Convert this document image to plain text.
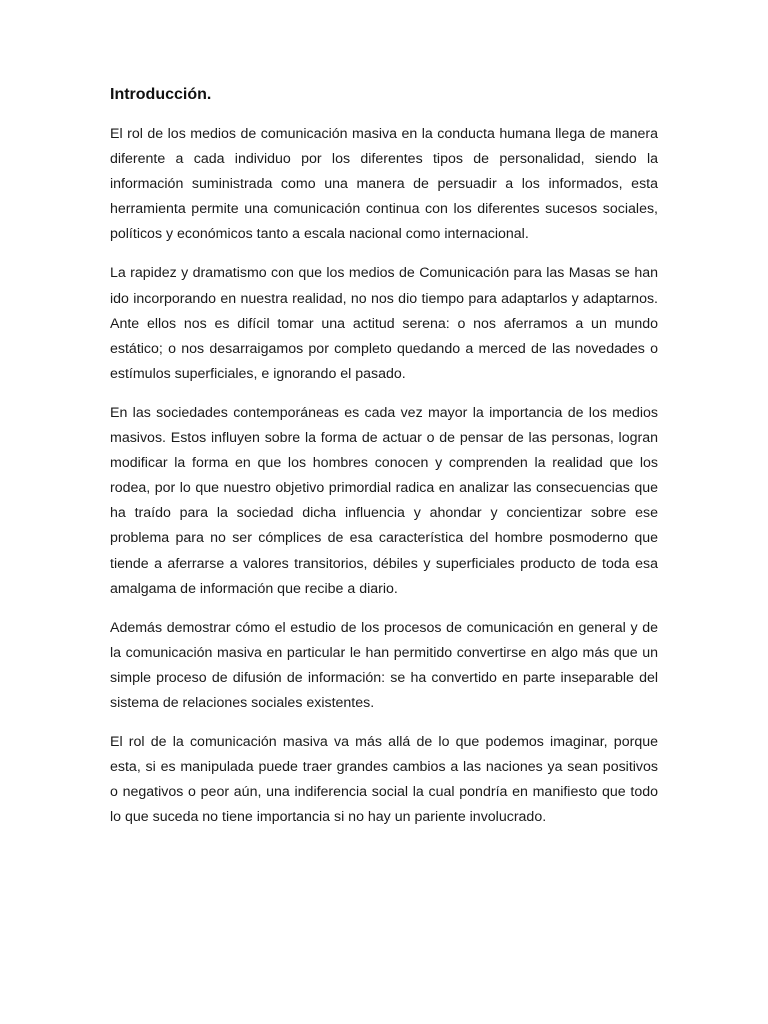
Introducción.

El rol de los medios de comunicación masiva en la conducta humana llega de manera diferente a cada individuo por los diferentes tipos de personalidad, siendo la información suministrada como una manera de persuadir a los informados, esta herramienta permite una comunicación continua con los diferentes sucesos sociales, políticos y económicos tanto a escala nacional como internacional.

La rapidez y dramatismo con que los medios de Comunicación para las Masas se han ido incorporando en nuestra realidad, no nos dio tiempo para adaptarlos y adaptarnos. Ante ellos nos es difícil tomar una actitud serena: o nos aferramos a un mundo estático; o nos desarraigamos por completo quedando a merced de las novedades o estímulos superficiales, e ignorando el pasado.

En las sociedades contemporáneas es cada vez mayor la importancia de los medios masivos. Estos influyen sobre la forma de actuar o de pensar de las personas, logran modificar la forma en que los hombres conocen y comprenden la realidad que los rodea, por lo que nuestro objetivo primordial radica en analizar las consecuencias que ha traído para la sociedad dicha influencia y ahondar y concientizar sobre ese problema para no ser cómplices de esa característica del hombre posmoderno que tiende a aferrarse a valores transitorios, débiles y superficiales producto de toda esa amalgama de información que recibe a diario.

Además demostrar cómo el estudio de los procesos de comunicación en general y de la comunicación masiva en particular le han permitido convertirse en algo más que un simple proceso de difusión de información: se ha convertido en parte inseparable del sistema de relaciones sociales existentes.

El rol de la comunicación masiva va más allá de lo que podemos imaginar, porque esta, si es manipulada puede traer grandes cambios a las naciones ya sean positivos o negativos o peor aún, una indiferencia social la cual pondría en manifiesto que todo lo que suceda no tiene importancia si no hay un pariente involucrado.
